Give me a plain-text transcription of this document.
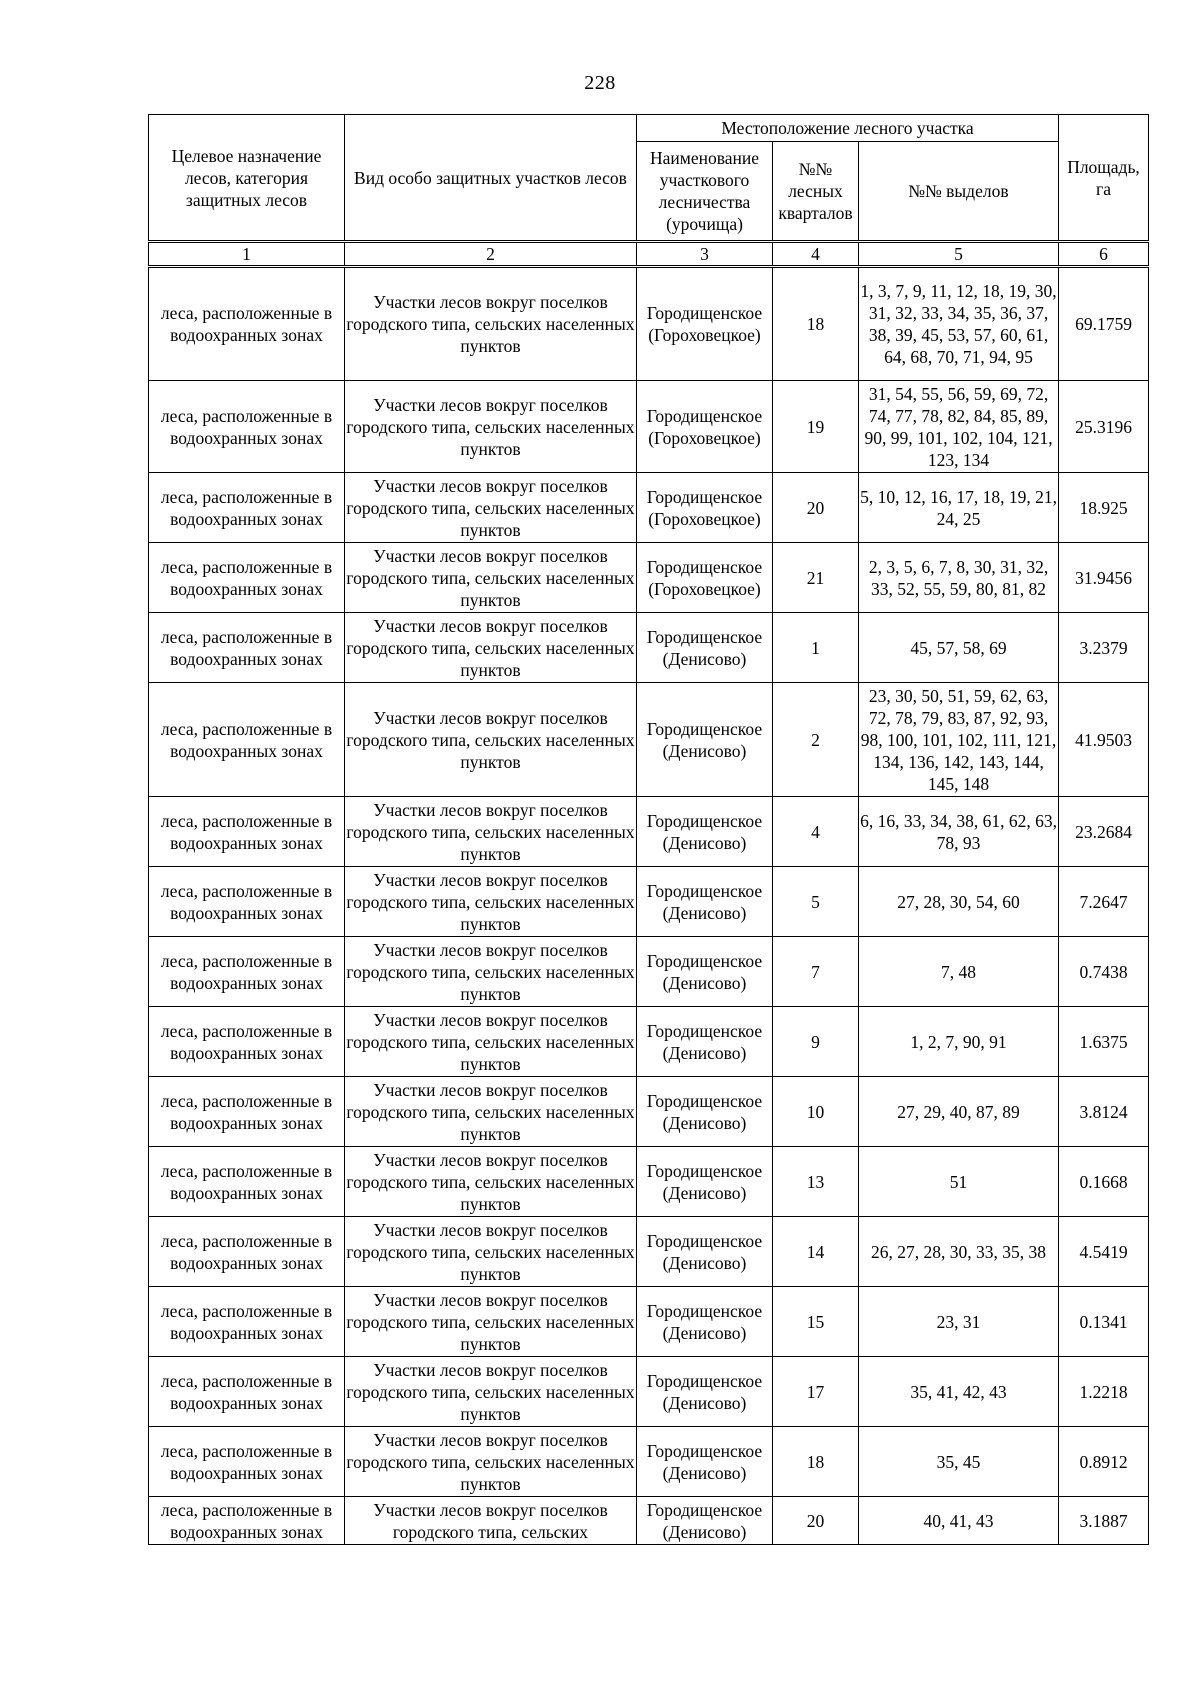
228
Целевое назначение лесов, категория защитных лесов	Вид особо защитных участков лесов	Местоположение лесного участка			Площадь, га
		Наименование участкового лесничества (урочища)	№№ лесных кварталов	№№ выделов	
1	2	3	4	5	6
леса, расположенные в водоохранных зонах	Участки лесов вокруг поселков городского типа, сельских населенных пунктов	Городищенское (Гороховецкое)	18	1, 3, 7, 9, 11, 12, 18, 19, 30, 31, 32, 33, 34, 35, 36, 37, 38, 39, 45, 53, 57, 60, 61, 64, 68, 70, 71, 94, 95	69.1759
леса, расположенные в водоохранных зонах	Участки лесов вокруг поселков городского типа, сельских населенных пунктов	Городищенское (Гороховецкое)	19	31, 54, 55, 56, 59, 69, 72, 74, 77, 78, 82, 84, 85, 89, 90, 99, 101, 102, 104, 121, 123, 134	25.3196
леса, расположенные в водоохранных зонах	Участки лесов вокруг поселков городского типа, сельских населенных пунктов	Городищенское (Гороховецкое)	20	5, 10, 12, 16, 17, 18, 19, 21, 24, 25	18.925
леса, расположенные в водоохранных зонах	Участки лесов вокруг поселков городского типа, сельских населенных пунктов	Городищенское (Гороховецкое)	21	2, 3, 5, 6, 7, 8, 30, 31, 32, 33, 52, 55, 59, 80, 81, 82	31.9456
леса, расположенные в водоохранных зонах	Участки лесов вокруг поселков городского типа, сельских населенных пунктов	Городищенское (Денисово)	1	45, 57, 58, 69	3.2379
леса, расположенные в водоохранных зонах	Участки лесов вокруг поселков городского типа, сельских населенных пунктов	Городищенское (Денисово)	2	23, 30, 50, 51, 59, 62, 63, 72, 78, 79, 83, 87, 92, 93, 98, 100, 101, 102, 111, 121, 134, 136, 142, 143, 144, 145, 148	41.9503
леса, расположенные в водоохранных зонах	Участки лесов вокруг поселков городского типа, сельских населенных пунктов	Городищенское (Денисово)	4	6, 16, 33, 34, 38, 61, 62, 63, 78, 93	23.2684
леса, расположенные в водоохранных зонах	Участки лесов вокруг поселков городского типа, сельских населенных пунктов	Городищенское (Денисово)	5	27, 28, 30, 54, 60	7.2647
леса, расположенные в водоохранных зонах	Участки лесов вокруг поселков городского типа, сельских населенных пунктов	Городищенское (Денисово)	7	7, 48	0.7438
леса, расположенные в водоохранных зонах	Участки лесов вокруг поселков городского типа, сельских населенных пунктов	Городищенское (Денисово)	9	1, 2, 7, 90, 91	1.6375
леса, расположенные в водоохранных зонах	Участки лесов вокруг поселков городского типа, сельских населенных пунктов	Городищенское (Денисово)	10	27, 29, 40, 87, 89	3.8124
леса, расположенные в водоохранных зонах	Участки лесов вокруг поселков городского типа, сельских населенных пунктов	Городищенское (Денисово)	13	51	0.1668
леса, расположенные в водоохранных зонах	Участки лесов вокруг поселков городского типа, сельских населенных пунктов	Городищенское (Денисово)	14	26, 27, 28, 30, 33, 35, 38	4.5419
леса, расположенные в водоохранных зонах	Участки лесов вокруг поселков городского типа, сельских населенных пунктов	Городищенское (Денисово)	15	23, 31	0.1341
леса, расположенные в водоохранных зонах	Участки лесов вокруг поселков городского типа, сельских населенных пунктов	Городищенское (Денисово)	17	35, 41, 42, 43	1.2218
леса, расположенные в водоохранных зонах	Участки лесов вокруг поселков городского типа, сельских населенных пунктов	Городищенское (Денисово)	18	35, 45	0.8912
леса, расположенные в водоохранных зонах	Участки лесов вокруг поселков городского типа, сельских	Городищенское (Денисово)	20	40, 41, 43	3.1887
